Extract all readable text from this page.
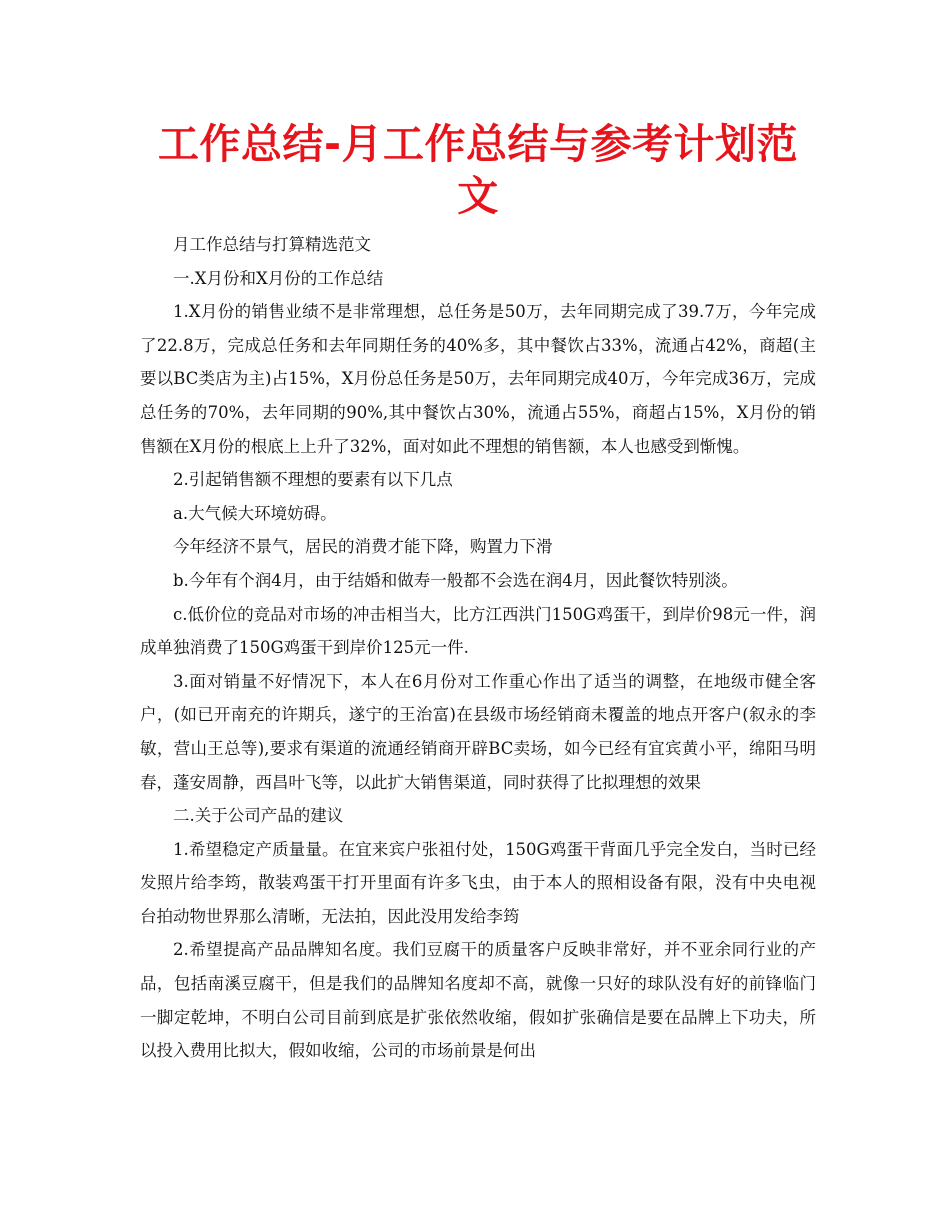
工作总结-月工作总结与参考计划范文

月工作总结与打算精选范文

一.X月份和X月份的工作总结

1.X月份的销售业绩不是非常理想，总任务是50万，去年同期完成了39.7万，今年完成了22.8万，完成总任务和去年同期任务的40%多，其中餐饮占33%，流通占42%，商超(主要以BC类店为主)占15%，X月份总任务是50万，去年同期完成40万，今年完成36万，完成总任务的70%，去年同期的90%,其中餐饮占30%，流通占55%，商超占15%，X月份的销售额在X月份的根底上上升了32%，面对如此不理想的销售额，本人也感受到惭愧。

2.引起销售额不理想的要素有以下几点

a.大气候大环境妨碍。

今年经济不景气，居民的消费才能下降，购置力下滑

b.今年有个润4月，由于结婚和做寿一般都不会选在润4月，因此餐饮特别淡。

c.低价位的竞品对市场的冲击相当大，比方江西洪门150G鸡蛋干，到岸价98元一件，润成单独消费了150G鸡蛋干到岸价125元一件.

3.面对销量不好情况下，本人在6月份对工作重心作出了适当的调整，在地级市健全客户，(如已开南充的许期兵，遂宁的王治富)在县级市场经销商未覆盖的地点开客户(叙永的李敏，营山王总等),要求有渠道的流通经销商开辟BC卖场，如今已经有宜宾黄小平，绵阳马明春，蓬安周静，西昌叶飞等，以此扩大销售渠道，同时获得了比拟理想的效果

二.关于公司产品的建议

1.希望稳定产质量量。在宜来宾户张祖付处，150G鸡蛋干背面几乎完全发白，当时已经发照片给李筠，散装鸡蛋干打开里面有许多飞虫，由于本人的照相设备有限，没有中央电视台拍动物世界那么清晰，无法拍，因此没用发给李筠

2.希望提高产品品牌知名度。我们豆腐干的质量客户反映非常好，并不亚余同行业的产品，包括南溪豆腐干，但是我们的品牌知名度却不高，就像一只好的球队没有好的前锋临门一脚定乾坤，不明白公司目前到底是扩张依然收缩，假如扩张确信是要在品牌上下功夫，所以投入费用比拟大，假如收缩，公司的市场前景是何出
